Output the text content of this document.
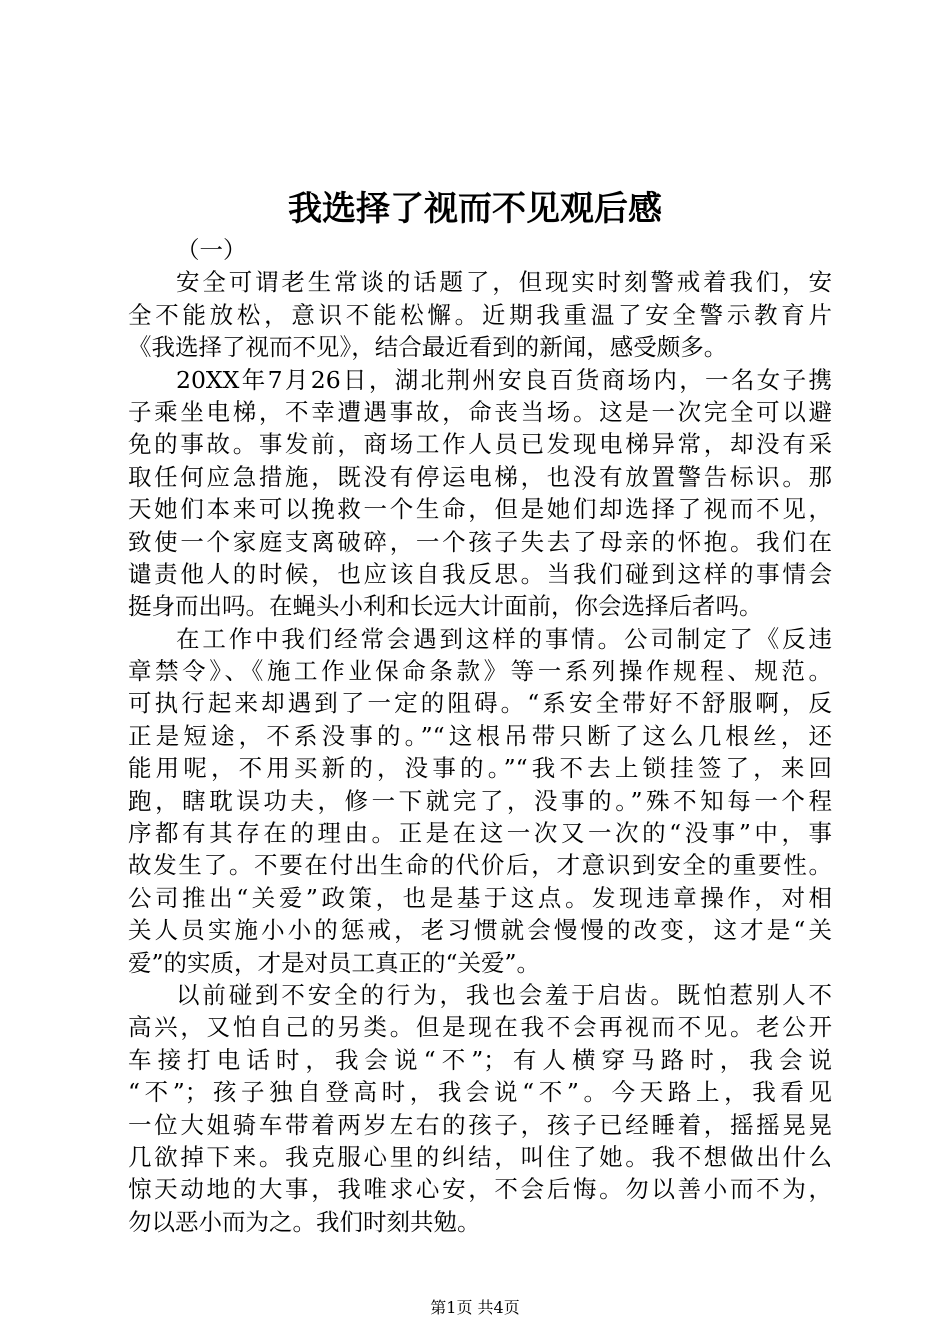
我选择了视而不见观后感
（一）
安全可谓老生常谈的话题了，但现实时刻警戒着我们，安
全不能放松，意识不能松懈。近期我重温了安全警示教育片
《我选择了视而不见》，结合最近看到的新闻，感受颇多。
20XX年7月26日，湖北荆州安良百货商场内，一名女子携
子乘坐电梯，不幸遭遇事故，命丧当场。这是一次完全可以避
免的事故。事发前，商场工作人员已发现电梯异常，却没有采
取任何应急措施，既没有停运电梯，也没有放置警告标识。那
天她们本来可以挽救一个生命，但是她们却选择了视而不见，
致使一个家庭支离破碎，一个孩子失去了母亲的怀抱。我们在
谴责他人的时候，也应该自我反思。当我们碰到这样的事情会
挺身而出吗。在蝇头小利和长远大计面前，你会选择后者吗。
在工作中我们经常会遇到这样的事情。公司制定了《反违
章禁令》、《施工作业保命条款》等一系列操作规程、规范。
可执行起来却遇到了一定的阻碍。“系安全带好不舒服啊，反
正是短途，不系没事的。”“这根吊带只断了这么几根丝，还
能用呢，不用买新的，没事的。”“我不去上锁挂签了，来回
跑，瞎耽误功夫，修一下就完了，没事的。”殊不知每一个程
序都有其存在的理由。正是在这一次又一次的“没事”中，事
故发生了。不要在付出生命的代价后，才意识到安全的重要性。
公司推出“关爱”政策，也是基于这点。发现违章操作，对相
关人员实施小小的惩戒，老习惯就会慢慢的改变，这才是“关
爱”的实质，才是对员工真正的“关爱”。
以前碰到不安全的行为，我也会羞于启齿。既怕惹别人不
高兴，又怕自己的另类。但是现在我不会再视而不见。老公开
车接打电话时，我会说“不”；有人横穿马路时，我会说
“不”；孩子独自登高时，我会说“不”。今天路上，我看见
一位大姐骑车带着两岁左右的孩子，孩子已经睡着，摇摇晃晃
几欲掉下来。我克服心里的纠结，叫住了她。我不想做出什么
惊天动地的大事，我唯求心安，不会后悔。勿以善小而不为，
勿以恶小而为之。我们时刻共勉。
第1页 共4页
